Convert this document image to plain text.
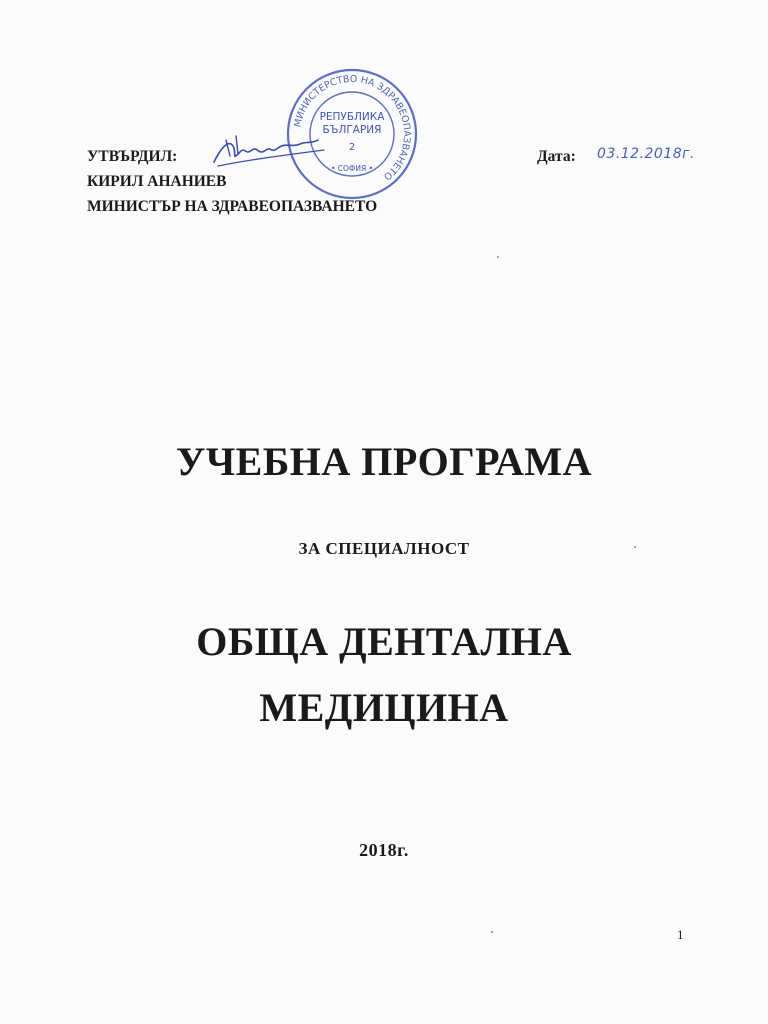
МИНИСТЕРСТВО НА ЗДРАВЕОПАЗВАНЕТО
РЕПУБЛИКА
БЪЛГАРИЯ
2
• СОФИЯ •
УТВЪРДИЛ:
КИРИЛ АНАНИЕВ
МИНИСТЪР НА ЗДРАВЕОПАЗВАНЕТО
Дата: 03.12.2018г.
УЧЕБНА ПРОГРАМА
ЗА СПЕЦИАЛНОСТ
ОБЩА ДЕНТАЛНА
МЕДИЦИНА
2018г.
1
